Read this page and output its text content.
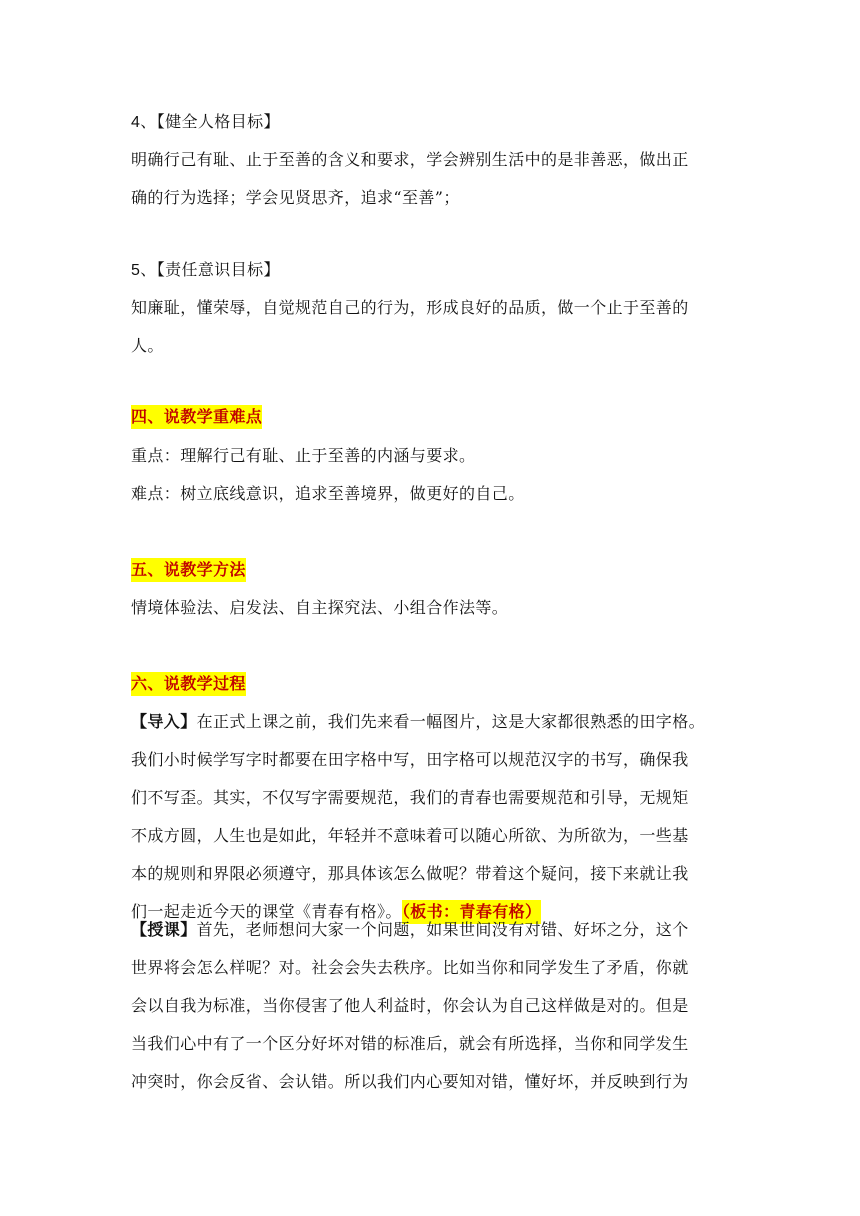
4、【健全人格目标】
明确行己有耻、止于至善的含义和要求，学会辨别生活中的是非善恶，做出正
确的行为选择；学会见贤思齐，追求“至善”；
5、【责任意识目标】
知廉耻，懂荣辱，自觉规范自己的行为，形成良好的品质，做一个止于至善的
人。
四、说教学重难点
重点：理解行己有耻、止于至善的内涵与要求。
难点：树立底线意识，追求至善境界，做更好的自己。
五、说教学方法
情境体验法、启发法、自主探究法、小组合作法等。
六、说教学过程
【导入】在正式上课之前，我们先来看一幅图片，这是大家都很熟悉的田字格。
我们小时候学写字时都要在田字格中写，田字格可以规范汉字的书写，确保我
们不写歪。其实，不仅写字需要规范，我们的青春也需要规范和引导，无规矩
不成方圆，人生也是如此，年轻并不意味着可以随心所欲、为所欲为，一些基
本的规则和界限必须遵守，那具体该怎么做呢？带着这个疑问，接下来就让我
们一起走近今天的课堂《青春有格》。（板书：青春有格）
【授课】首先，老师想问大家一个问题，如果世间没有对错、好坏之分，这个
世界将会怎么样呢？对。社会会失去秩序。比如当你和同学发生了矛盾，你就
会以自我为标准，当你侵害了他人利益时，你会认为自己这样做是对的。但是
当我们心中有了一个区分好坏对错的标准后，就会有所选择，当你和同学发生
冲突时，你会反省、会认错。所以我们内心要知对错，懂好坏，并反映到行为
